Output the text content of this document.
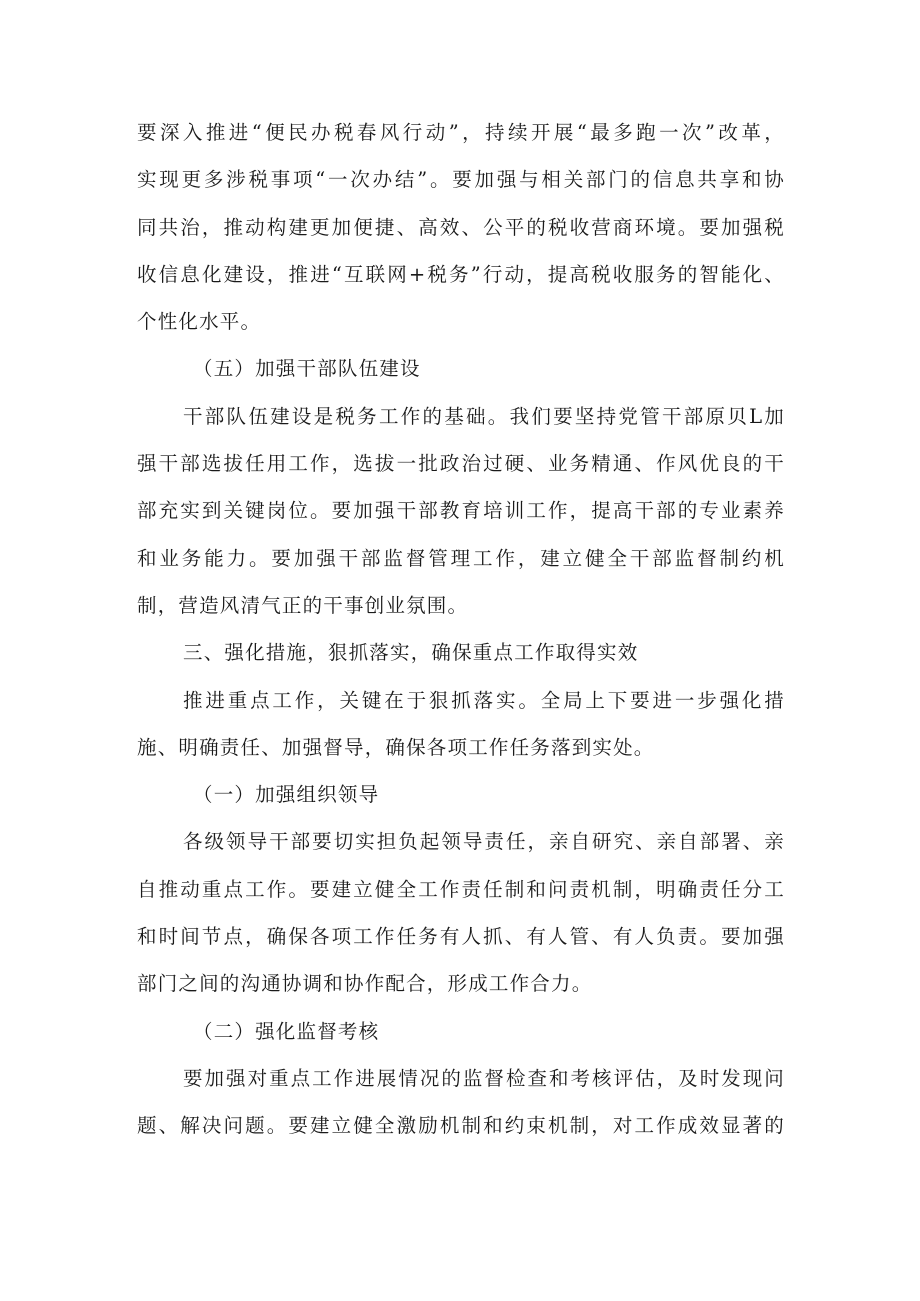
要深入推进“便民办税春风行动”，持续开展“最多跑一次”改革，
实现更多涉税事项“一次办结”。要加强与相关部门的信息共享和协
同共治，推动构建更加便捷、高效、公平的税收营商环境。要加强税
收信息化建设，推进“互联网+税务”行动，提高税收服务的智能化、
个性化水平。
（五）加强干部队伍建设
干部队伍建设是税务工作的基础。我们要坚持党管干部原贝L加
强干部选拔任用工作，选拔一批政治过硬、业务精通、作风优良的干
部充实到关键岗位。要加强干部教育培训工作，提高干部的专业素养
和业务能力。要加强干部监督管理工作，建立健全干部监督制约机
制，营造风清气正的干事创业氛围。
三、强化措施，狠抓落实，确保重点工作取得实效
推进重点工作，关键在于狠抓落实。全局上下要进一步强化措
施、明确责任、加强督导，确保各项工作任务落到实处。
（一）加强组织领导
各级领导干部要切实担负起领导责任，亲自研究、亲自部署、亲
自推动重点工作。要建立健全工作责任制和问责机制，明确责任分工
和时间节点，确保各项工作任务有人抓、有人管、有人负责。要加强
部门之间的沟通协调和协作配合，形成工作合力。
（二）强化监督考核
要加强对重点工作进展情况的监督检查和考核评估，及时发现问
题、解决问题。要建立健全激励机制和约束机制，对工作成效显著的
